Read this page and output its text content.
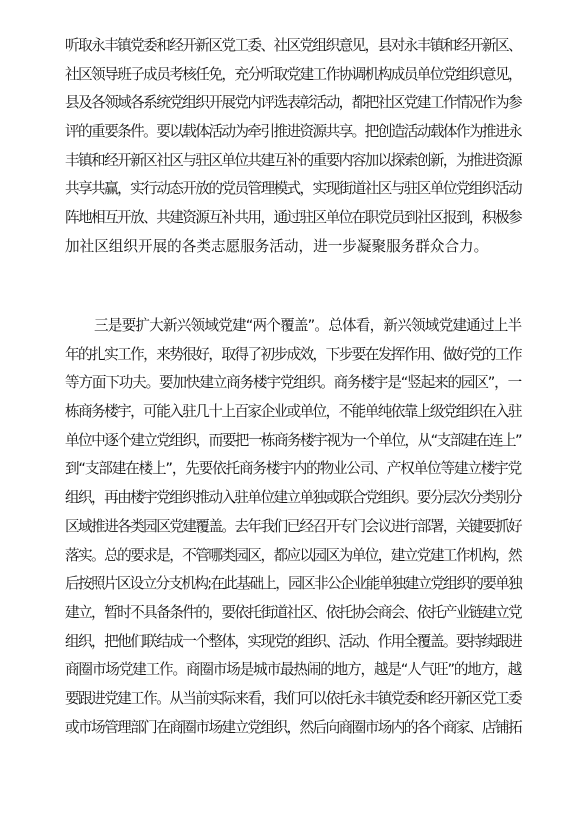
听取永丰镇党委和经开新区党工委、社区党组织意见，县对永丰镇和经开新区、
社区领导班子成员考核任免，充分听取党建工作协调机构成员单位党组织意见，
县及各领域各系统党组织开展党内评选表彰活动，都把社区党建工作情况作为参
评的重要条件。要以载体活动为牵引推进资源共享。把创造活动载体作为推进永
丰镇和经开新区社区与驻区单位共建互补的重要内容加以探索创新，为推进资源
共享共赢，实行动态开放的党员管理模式，实现街道社区与驻区单位党组织活动
阵地相互开放、共建资源互补共用，通过驻区单位在职党员到社区报到，积极参
加社区组织开展的各类志愿服务活动，进一步凝聚服务群众合力。
三是要扩大新兴领域党建“两个覆盖”。总体看，新兴领域党建通过上半
年的扎实工作，来势很好，取得了初步成效，下步要在发挥作用、做好党的工作
等方面下功夫。要加快建立商务楼宇党组织。商务楼宇是“竖起来的园区”，一
栋商务楼宇，可能入驻几十上百家企业或单位，不能单纯依靠上级党组织在入驻
单位中逐个建立党组织，而要把一栋商务楼宇视为一个单位，从“支部建在连上”
到“支部建在楼上”，先要依托商务楼宇内的物业公司、产权单位等建立楼宇党
组织，再由楼宇党组织推动入驻单位建立单独或联合党组织。要分层次分类别分
区域推进各类园区党建覆盖。去年我们已经召开专门会议进行部署，关键要抓好
落实。总的要求是，不管哪类园区，都应以园区为单位，建立党建工作机构，然
后按照片区设立分支机构;在此基础上，园区非公企业能单独建立党组织的要单独
建立，暂时不具备条件的，要依托街道社区、依托协会商会、依托产业链建立党
组织，把他们联结成一个整体，实现党的组织、活动、作用全覆盖。要持续跟进
商圈市场党建工作。商圈市场是城市最热闹的地方，越是“人气旺”的地方，越
要跟进党建工作。从当前实际来看，我们可以依托永丰镇党委和经开新区党工委
或市场管理部门在商圈市场建立党组织，然后向商圈市场内的各个商家、店铺拓
